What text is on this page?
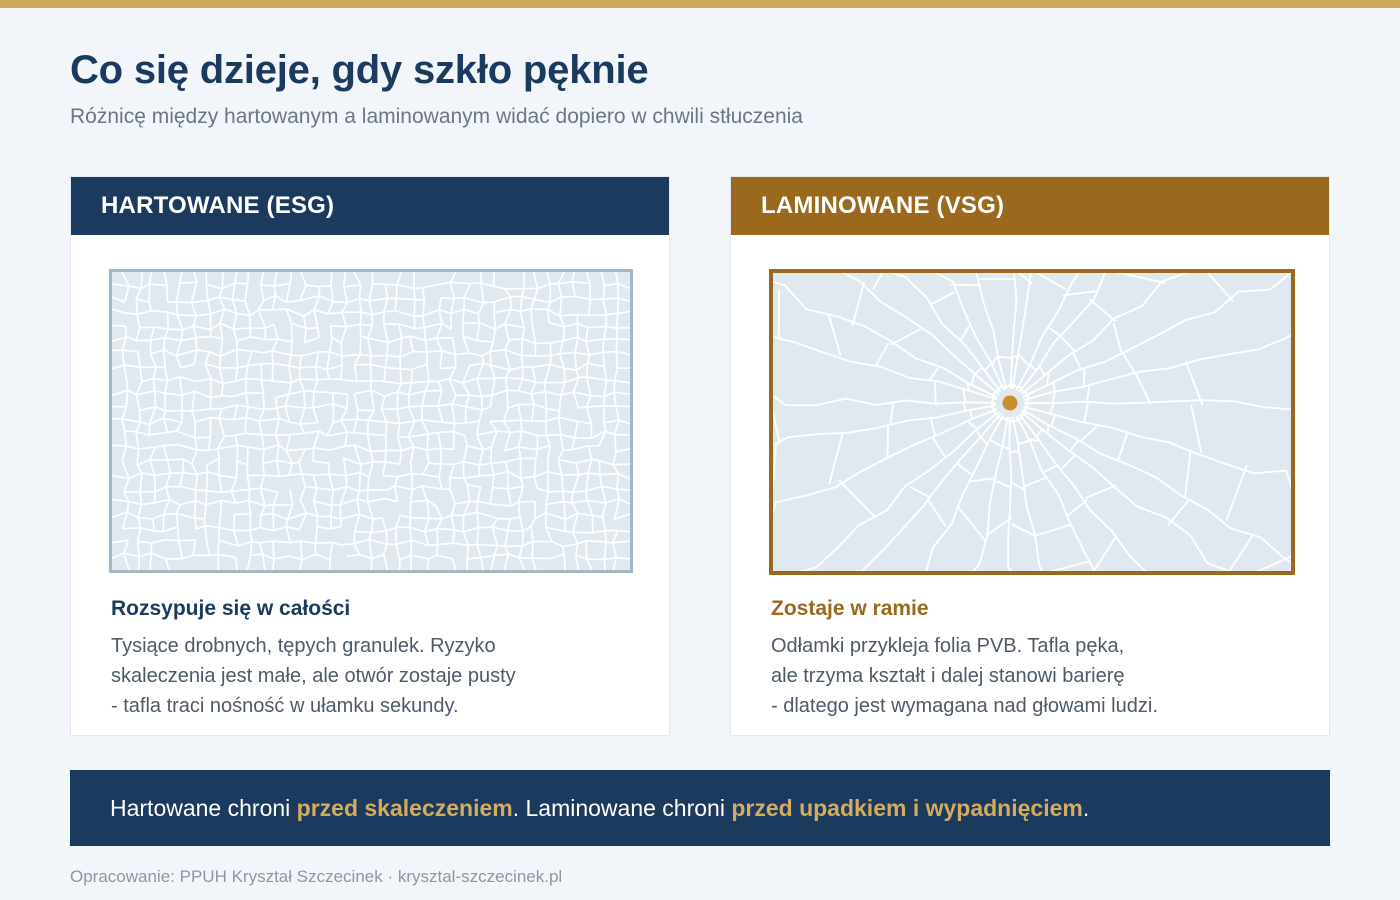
Co się dzieje, gdy szkło pęknie
Różnicę między hartowanym a laminowanym widać dopiero w chwili stłuczenia
HARTOWANE (ESG)
Rozsypuje się w całości
Tysiące drobnych, tępych granulek. Ryzyko
skaleczenia jest małe, ale otwór zostaje pusty
- tafla traci nośność w ułamku sekundy.
LAMINOWANE (VSG)
Zostaje w ramie
Odłamki przykleja folia PVB. Tafla pęka,
ale trzyma kształt i dalej stanowi barierę
- dlatego jest wymagana nad głowami ludzi.
Hartowane chroni przed skaleczeniem. Laminowane chroni przed upadkiem i wypadnięciem.
Opracowanie: PPUH Kryształ Szczecinek · krysztal-szczecinek.pl
